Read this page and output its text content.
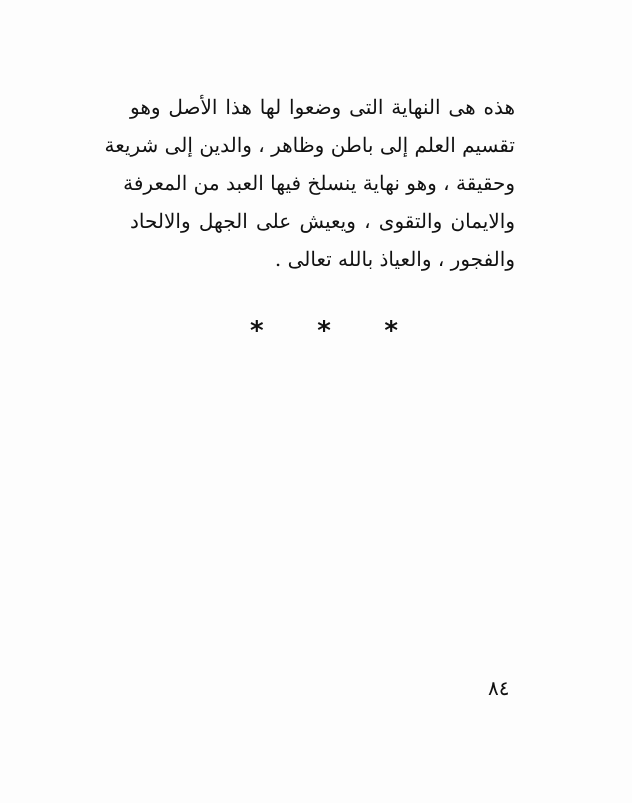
هذه هى النهاية التى وضعوا لها هذا الأصل وهو
تقسيم العلم إلى باطن وظاهر ، والدين إلى شريعة
وحقيقة ، وهو نهاية ينسلخ فيها العبد من المعرفة
والايمان والتقوى ، ويعيش على الجهل والالحاد
والفجور ، والعياذ بالله تعالى .
* * *
٨٤
